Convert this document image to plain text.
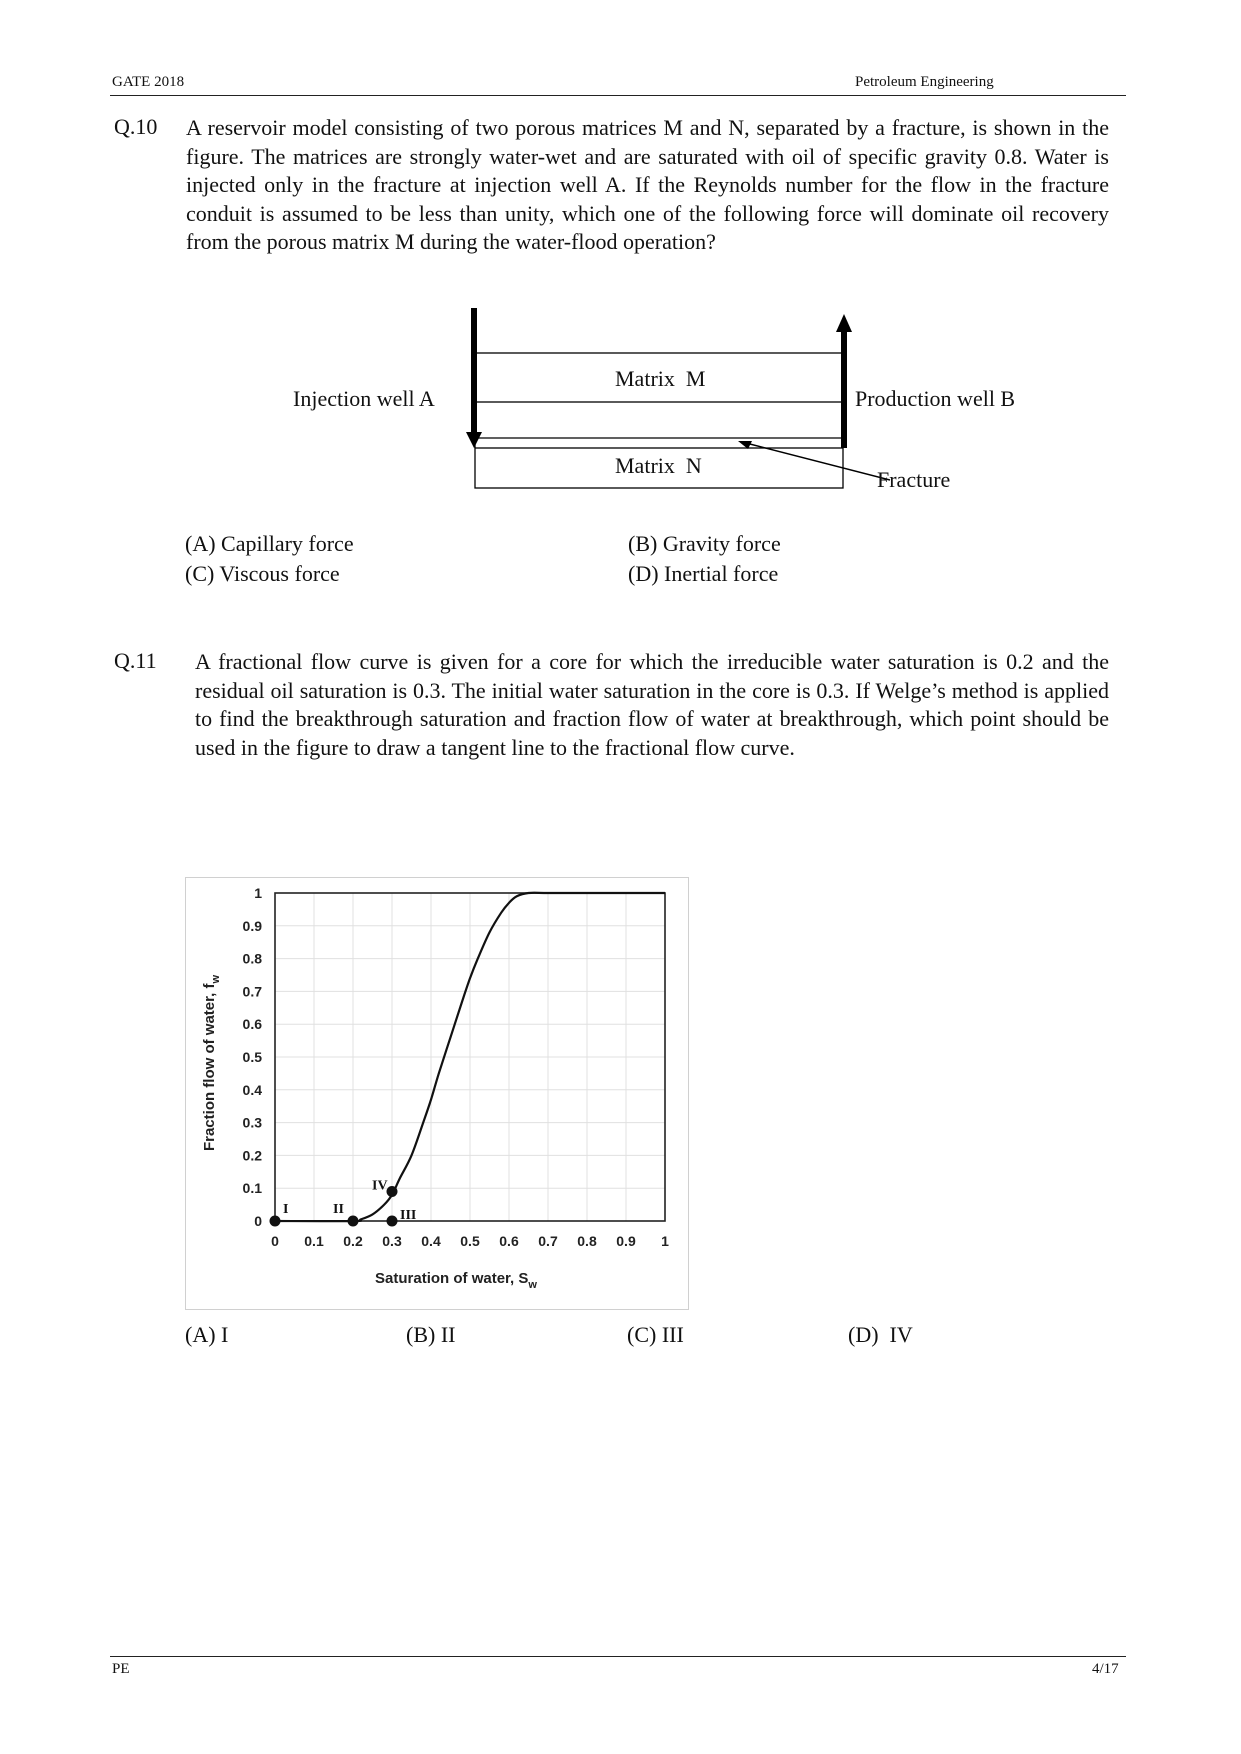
GATE 2018	Petroleum Engineering
Q.10 A reservoir model consisting of two porous matrices M and N, separated by a fracture, is shown in the figure. The matrices are strongly water-wet and are saturated with oil of specific gravity 0.8. Water is injected only in the fracture at injection well A. If the Reynolds number for the flow in the fracture conduit is assumed to be less than unity, which one of the following force will dominate oil recovery from the porous matrix M during the water-flood operation?
Injection well A	Production well B
Matrix  M
Matrix  N
Fracture
(A) Capillary force	(B) Gravity force
(C) Viscous force	(D) Inertial force
Q.11 A fractional flow curve is given for a core for which the irreducible water saturation is 0.2 and the residual oil saturation is 0.3. The initial water saturation in the core is 0.3. If Welge’s method is applied to find the breakthrough saturation and fraction flow of water at breakthrough, which point should be used in the figure to draw a tangent line to the fractional flow curve.
0 0.1 0.2 0.3 0.4 0.5 0.6 0.7 0.8 0.9 1
0
0.1
0.2
0.3
0.4
0.5
0.6
0.7
0.8
0.9
1
I	II	III
IV
Saturation of water, $S_w$
Fraction flow of water, $f_w$
(A) I	(B) II	(C) III	(D)  IV
PE	4/17
